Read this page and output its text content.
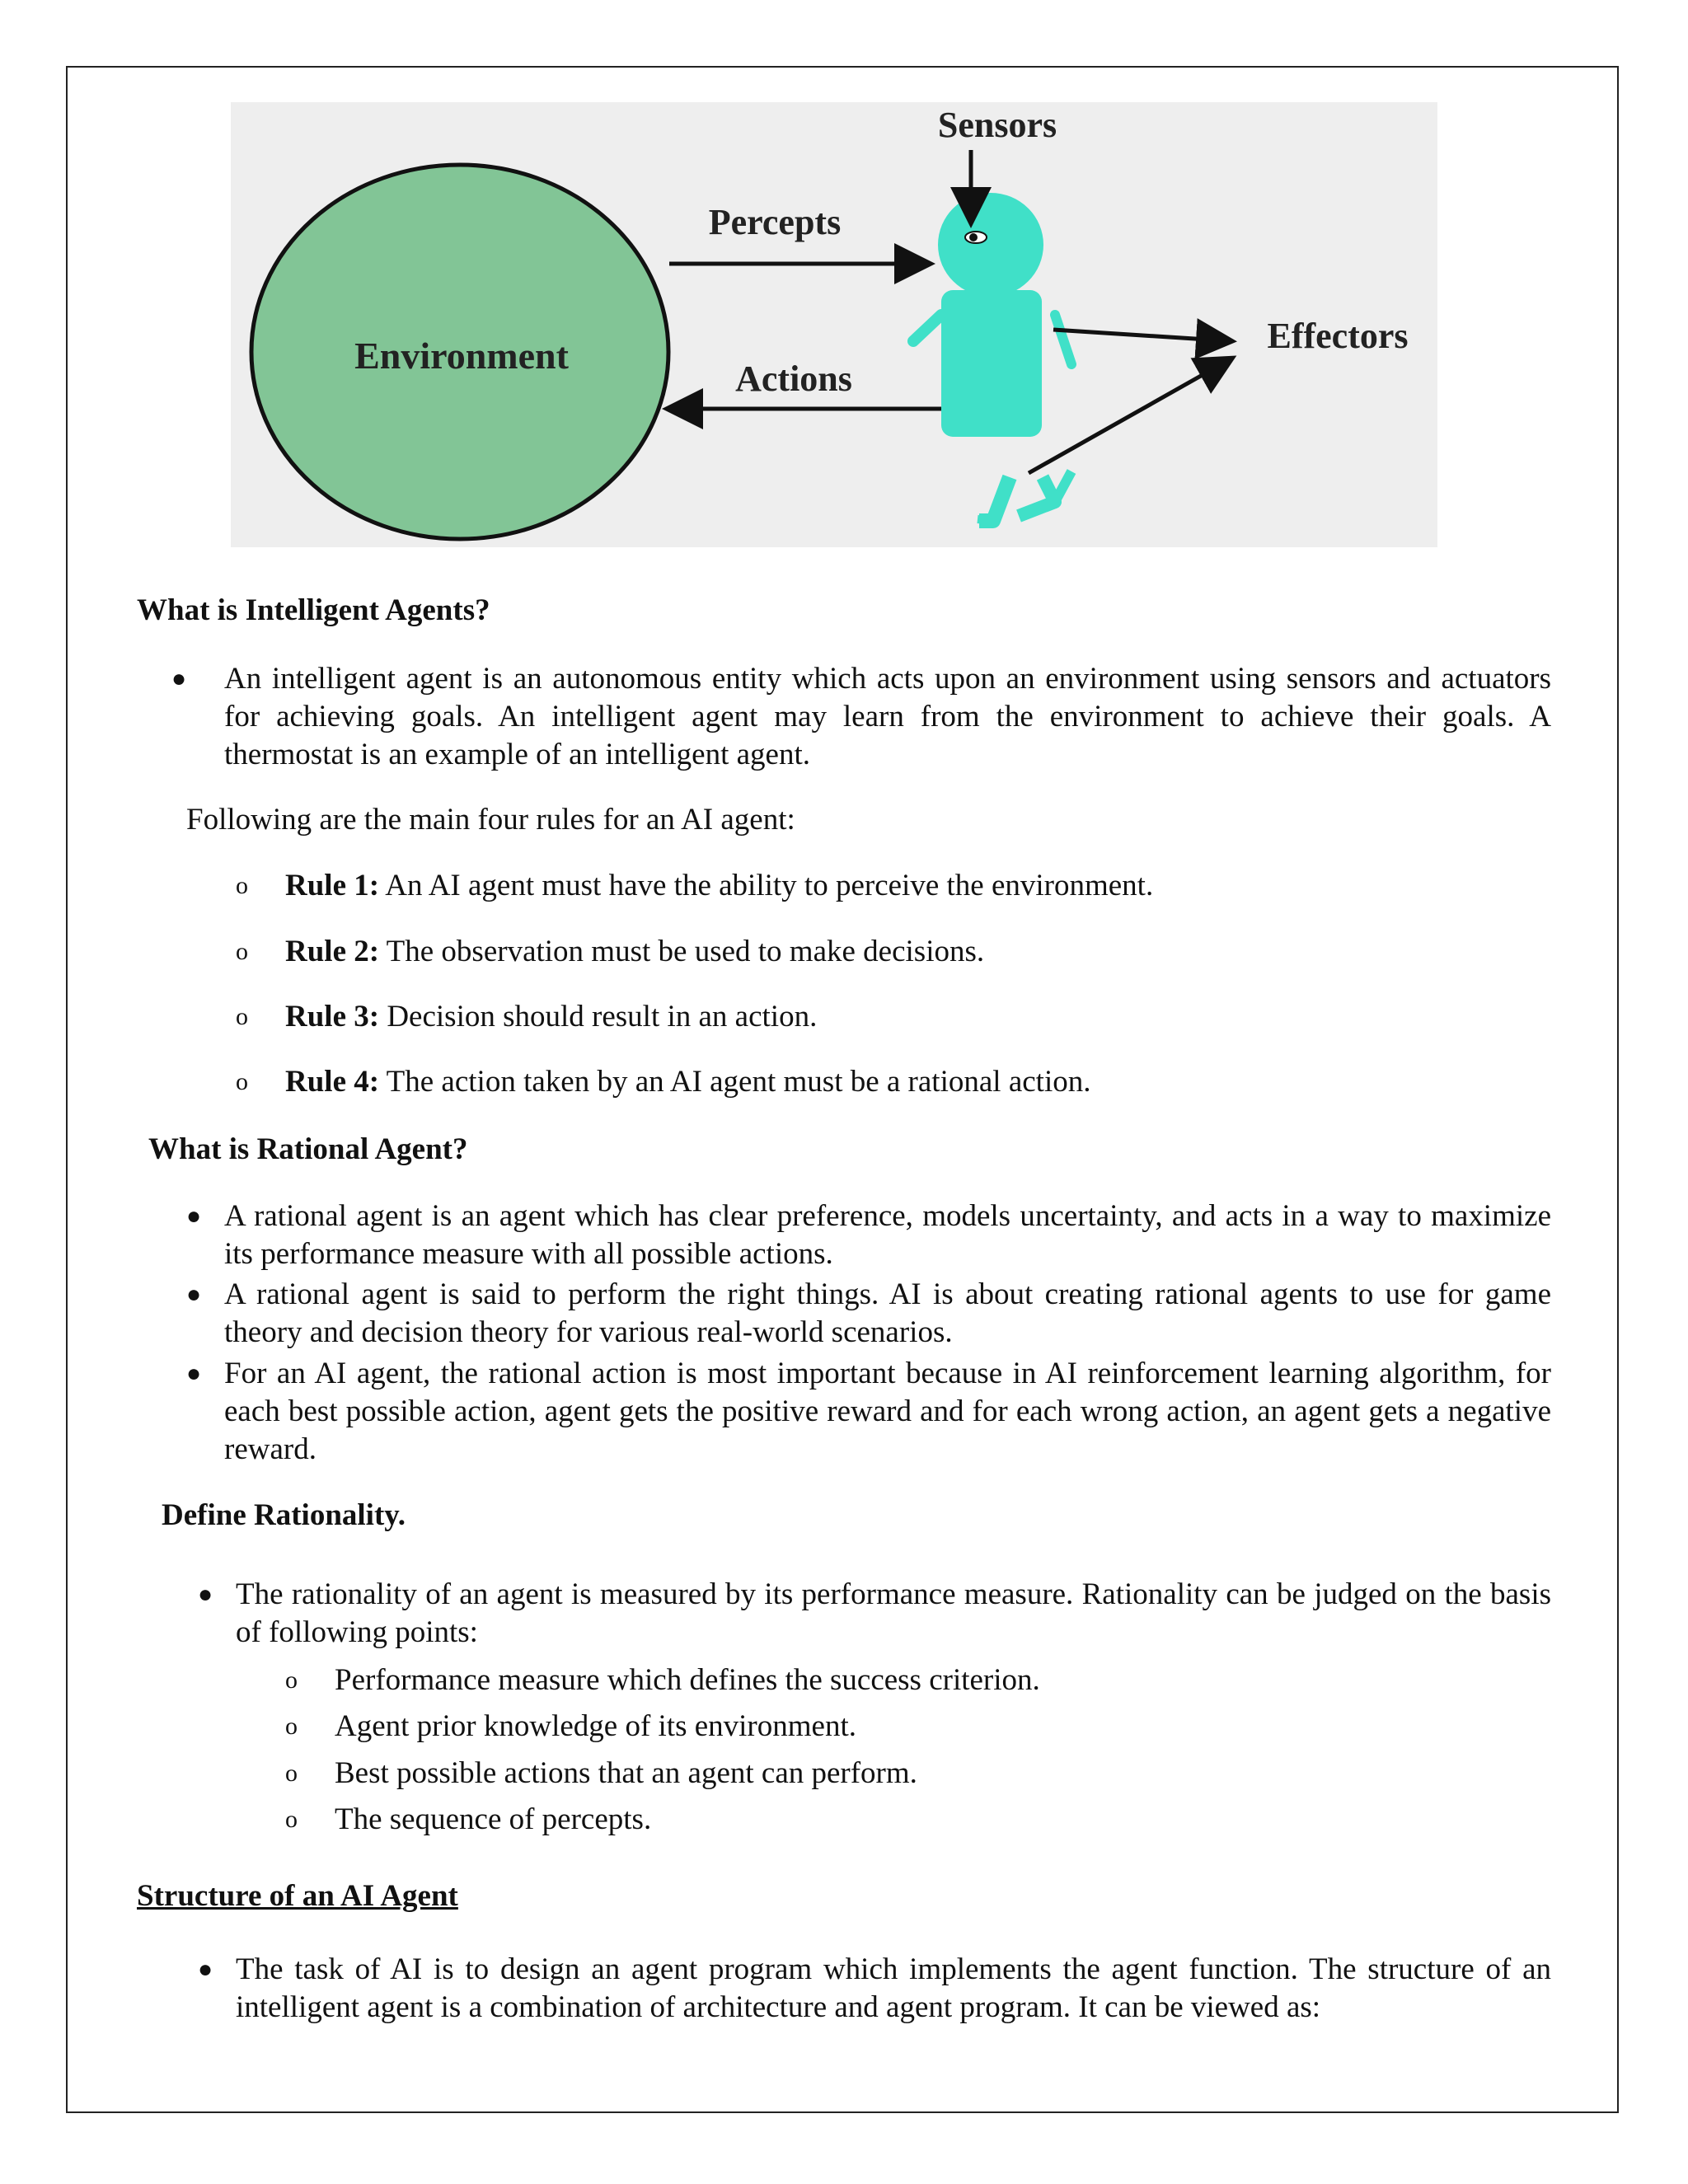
Environment
Percepts
Actions
Sensors
Effectors
What is Intelligent Agents?
● An intelligent agent is an autonomous entity which acts upon an environment using sensors and actuators for achieving goals. An intelligent agent may learn from the environment to achieve their goals. A thermostat is an example of an intelligent agent.

Following are the main four rules for an AI agent:

o Rule 1: An AI agent must have the ability to perceive the environment.

o Rule 2: The observation must be used to make decisions.

o Rule 3: Decision should result in an action.

o Rule 4: The action taken by an AI agent must be a rational action.

What is Rational Agent?
● A rational agent is an agent which has clear preference, models uncertainty, and acts in a way to maximize its performance measure with all possible actions.

● A rational agent is said to perform the right things. AI is about creating rational agents to use for game theory and decision theory for various real-world scenarios.

● For an AI agent, the rational action is most important because in AI reinforcement learning algorithm, for each best possible action, agent gets the positive reward and for each wrong action, an agent gets a negative reward.

Define Rationality.
● The rationality of an agent is measured by its performance measure. Rationality can be judged on the basis of following points:

o Performance measure which defines the success criterion.

o Agent prior knowledge of its environment.

o Best possible actions that an agent can perform.

o The sequence of percepts.

Structure of an AI Agent
● The task of AI is to design an agent program which implements the agent function. The structure of an intelligent agent is a combination of architecture and agent program. It can be viewed as:
